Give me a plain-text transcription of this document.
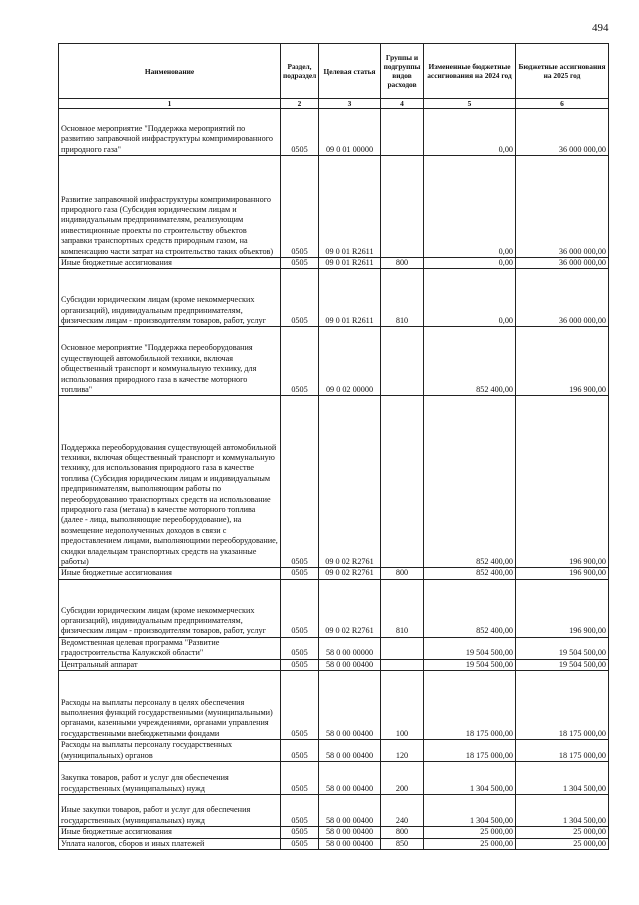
494
Наименование	Раздел, подраздел	Целевая статья	Группы и подгруппы видов расходов	Измененные бюджетные ассигнования на 2024 год	Бюджетные ассигнования на 2025 год
1	2	3	4	5	6
Основное мероприятие "Поддержка мероприятий по развитию заправочной инфраструктуры компримированного природного газа"	0505	09 0 01 00000		0,00	36 000 000,00
Развитие заправочной инфраструктуры компримированного природного газа (Субсидия юридическим лицам и индивидуальным предпринимателям, реализующим инвестиционные проекты по строительству объектов заправки транспортных средств природным газом, на компенсацию части затрат на строительство таких объектов)	0505	09 0 01 R2611		0,00	36 000 000,00
Иные бюджетные ассигнования	0505	09 0 01 R2611	800	0,00	36 000 000,00
Субсидии юридическим лицам (кроме некоммерческих организаций), индивидуальным предпринимателям, физическим лицам - производителям товаров, работ, услуг	0505	09 0 01 R2611	810	0,00	36 000 000,00
Основное мероприятие "Поддержка переоборудования существующей автомобильной техники, включая общественный транспорт и коммунальную технику, для использования природного газа в качестве моторного топлива"	0505	09 0 02 00000		852 400,00	196 900,00
Поддержка переоборудования существующей автомобильной техники, включая общественный транспорт и коммунальную технику, для использования природного газа в качестве топлива (Субсидия юридическим лицам и индивидуальным предпринимателям, выполняющим работы по переоборудованию транспортных средств на использование природного газа (метана) в качестве моторного топлива (далее - лица, выполняющие переоборудование), на возмещение недополученных доходов в связи с предоставлением лицами, выполняющими переоборудование, скидки владельцам транспортных средств на указанные работы)	0505	09 0 02 R2761		852 400,00	196 900,00
Иные бюджетные ассигнования	0505	09 0 02 R2761	800	852 400,00	196 900,00
Субсидии юридическим лицам (кроме некоммерческих организаций), индивидуальным предпринимателям, физическим лицам - производителям товаров, работ, услуг	0505	09 0 02 R2761	810	852 400,00	196 900,00
Ведомственная целевая программа "Развитие градостроительства Калужской области"	0505	58 0 00 00000		19 504 500,00	19 504 500,00
Центральный аппарат	0505	58 0 00 00400		19 504 500,00	19 504 500,00
Расходы на выплаты персоналу в целях обеспечения выполнения функций государственными (муниципальными) органами, казенными учреждениями, органами управления государственными внебюджетными фондами	0505	58 0 00 00400	100	18 175 000,00	18 175 000,00
Расходы на выплаты персоналу государственных (муниципальных) органов	0505	58 0 00 00400	120	18 175 000,00	18 175 000,00
Закупка товаров, работ и услуг для обеспечения государственных (муниципальных) нужд	0505	58 0 00 00400	200	1 304 500,00	1 304 500,00
Иные закупки товаров, работ и услуг для обеспечения государственных (муниципальных) нужд	0505	58 0 00 00400	240	1 304 500,00	1 304 500,00
Иные бюджетные ассигнования	0505	58 0 00 00400	800	25 000,00	25 000,00
Уплата налогов, сборов и иных платежей	0505	58 0 00 00400	850	25 000,00	25 000,00
